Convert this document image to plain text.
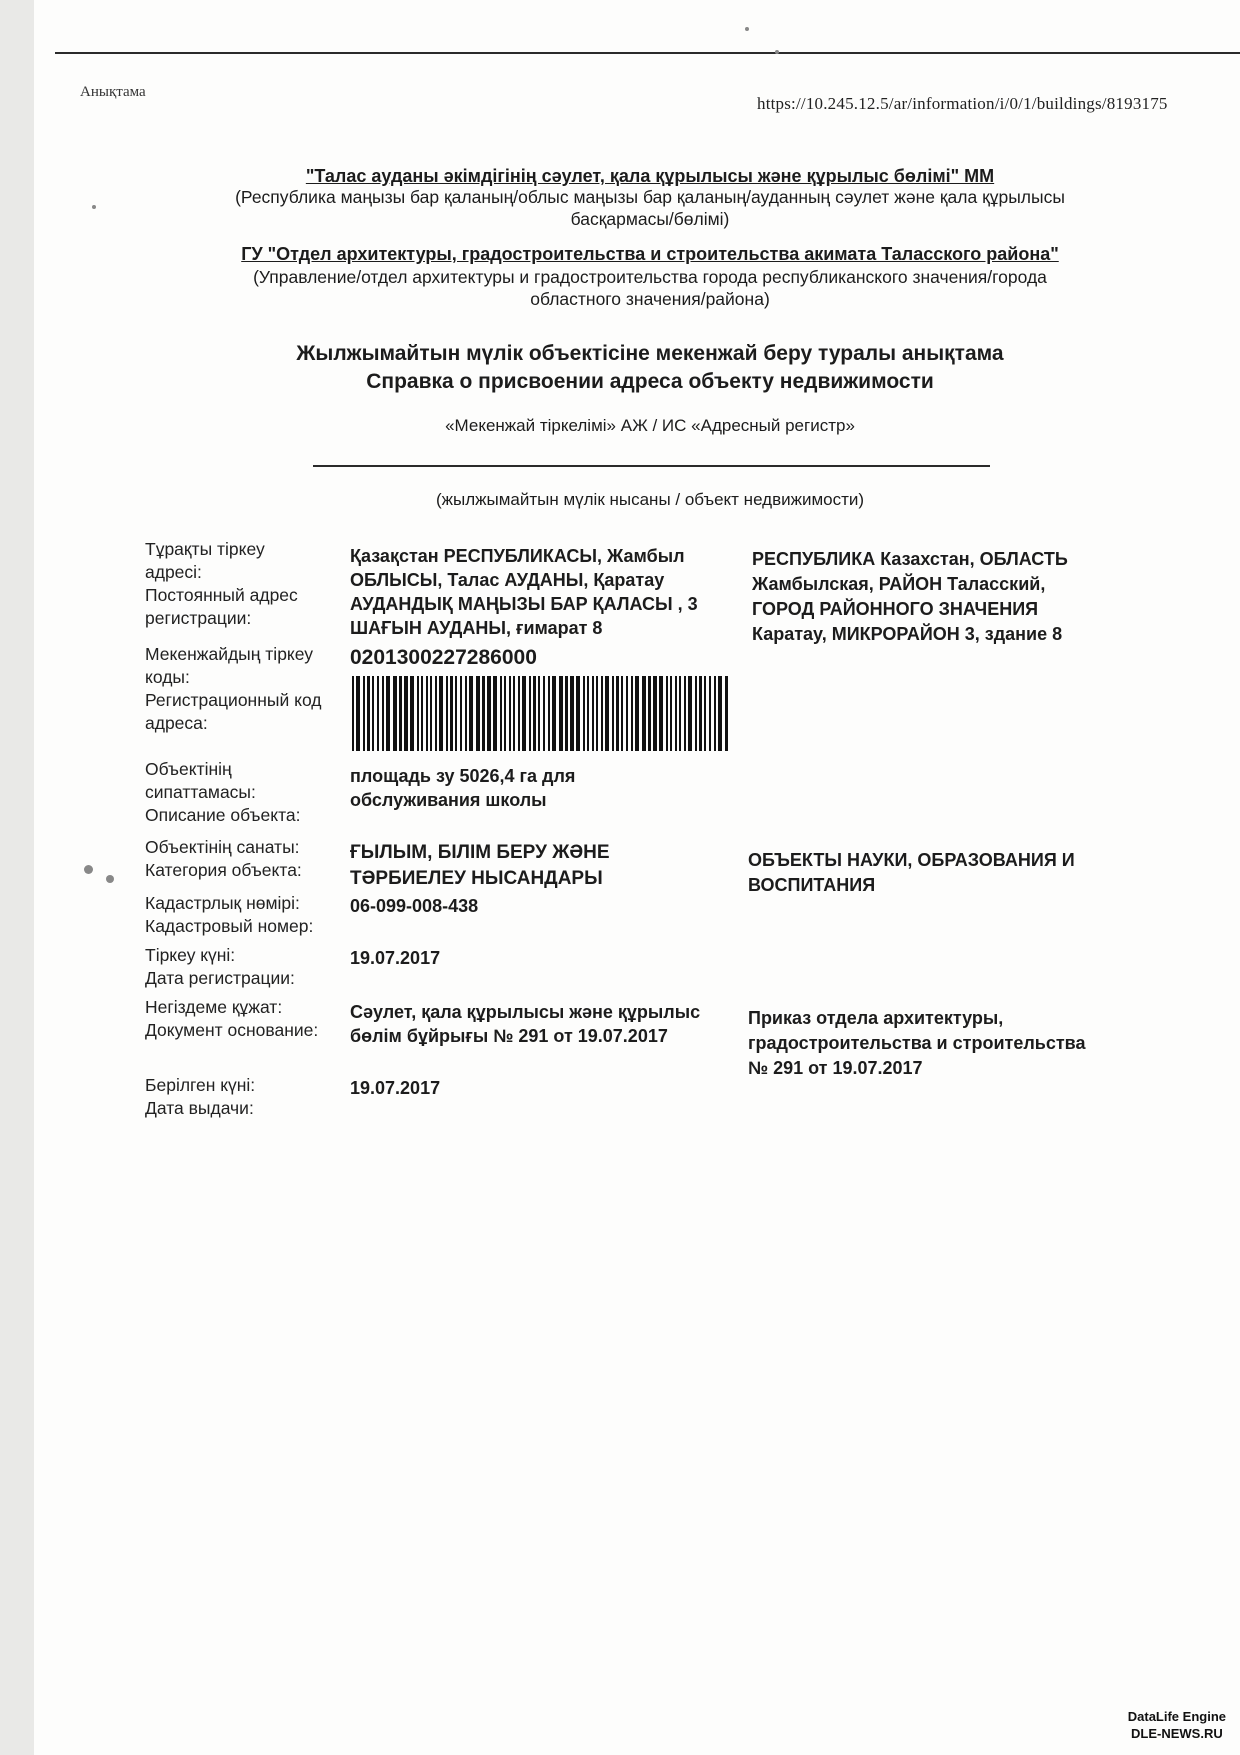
Анықтама
https://10.245.12.5/ar/information/i/0/1/buildings/8193175
"Талас ауданы әкімдігінің сәулет, қала құрылысы және құрылыс бөлімі" ММ
(Республика маңызы бар қаланың/облыс маңызы бар қаланың/ауданның сәулет және қала құрылысы
басқармасы/бөлімі)
ГУ "Отдел архитектуры, градостроительства и строительства акимата Таласского района"
(Управление/отдел архитектуры и градостроительства города республиканского значения/города
областного значения/района)
Жылжымайтын мүлік объектісіне мекенжай беру туралы анықтама
Справка о присвоении адреса объекту недвижимости
«Мекенжай тіркелімі» АЖ / ИС «Адресный регистр»
(жылжымайтын мүлік нысаны / объект недвижимости)
Тұрақты тіркеу
адресі:
Постоянный адрес
регистрации:
Қазақстан РЕСПУБЛИКАСЫ, Жамбыл
ОБЛЫСЫ, Талас АУДАНЫ, Қаратау
АУДАНДЫҚ МАҢЫЗЫ БАР ҚАЛАСЫ , 3
ШАҒЫН АУДАНЫ, ғимарат 8
РЕСПУБЛИКА Казахстан, ОБЛАСТЬ
Жамбылская, РАЙОН Таласский,
ГОРОД РАЙОННОГО ЗНАЧЕНИЯ
Каратау, МИКРОРАЙОН 3, здание 8
Мекенжайдың тіркеу
коды:
Регистрационный код
адреса:
0201300227286000
Объектінің
сипаттамасы:
Описание объекта:
площадь зу 5026,4 га для
обслуживания школы
Объектінің санаты:
Категория объекта:
ҒЫЛЫМ, БІЛІМ БЕРУ ЖӘНЕ
ТӘРБИЕЛЕУ НЫСАНДАРЫ
ОБЪЕКТЫ НАУКИ, ОБРАЗОВАНИЯ И
ВОСПИТАНИЯ
Кадастрлық нөмірі:
Кадастровый номер:
06-099-008-438
Тіркеу күні:
Дата регистрации:
19.07.2017
Негіздеме құжат:
Документ основание:
Сәулет, қала құрылысы және құрылыс
бөлім бұйрығы № 291 от 19.07.2017
Приказ отдела архитектуры,
градостроительства и строительства
№ 291 от 19.07.2017
Берілген күні:
Дата выдачи:
19.07.2017
DataLife Engine
DLE-NEWS.RU
